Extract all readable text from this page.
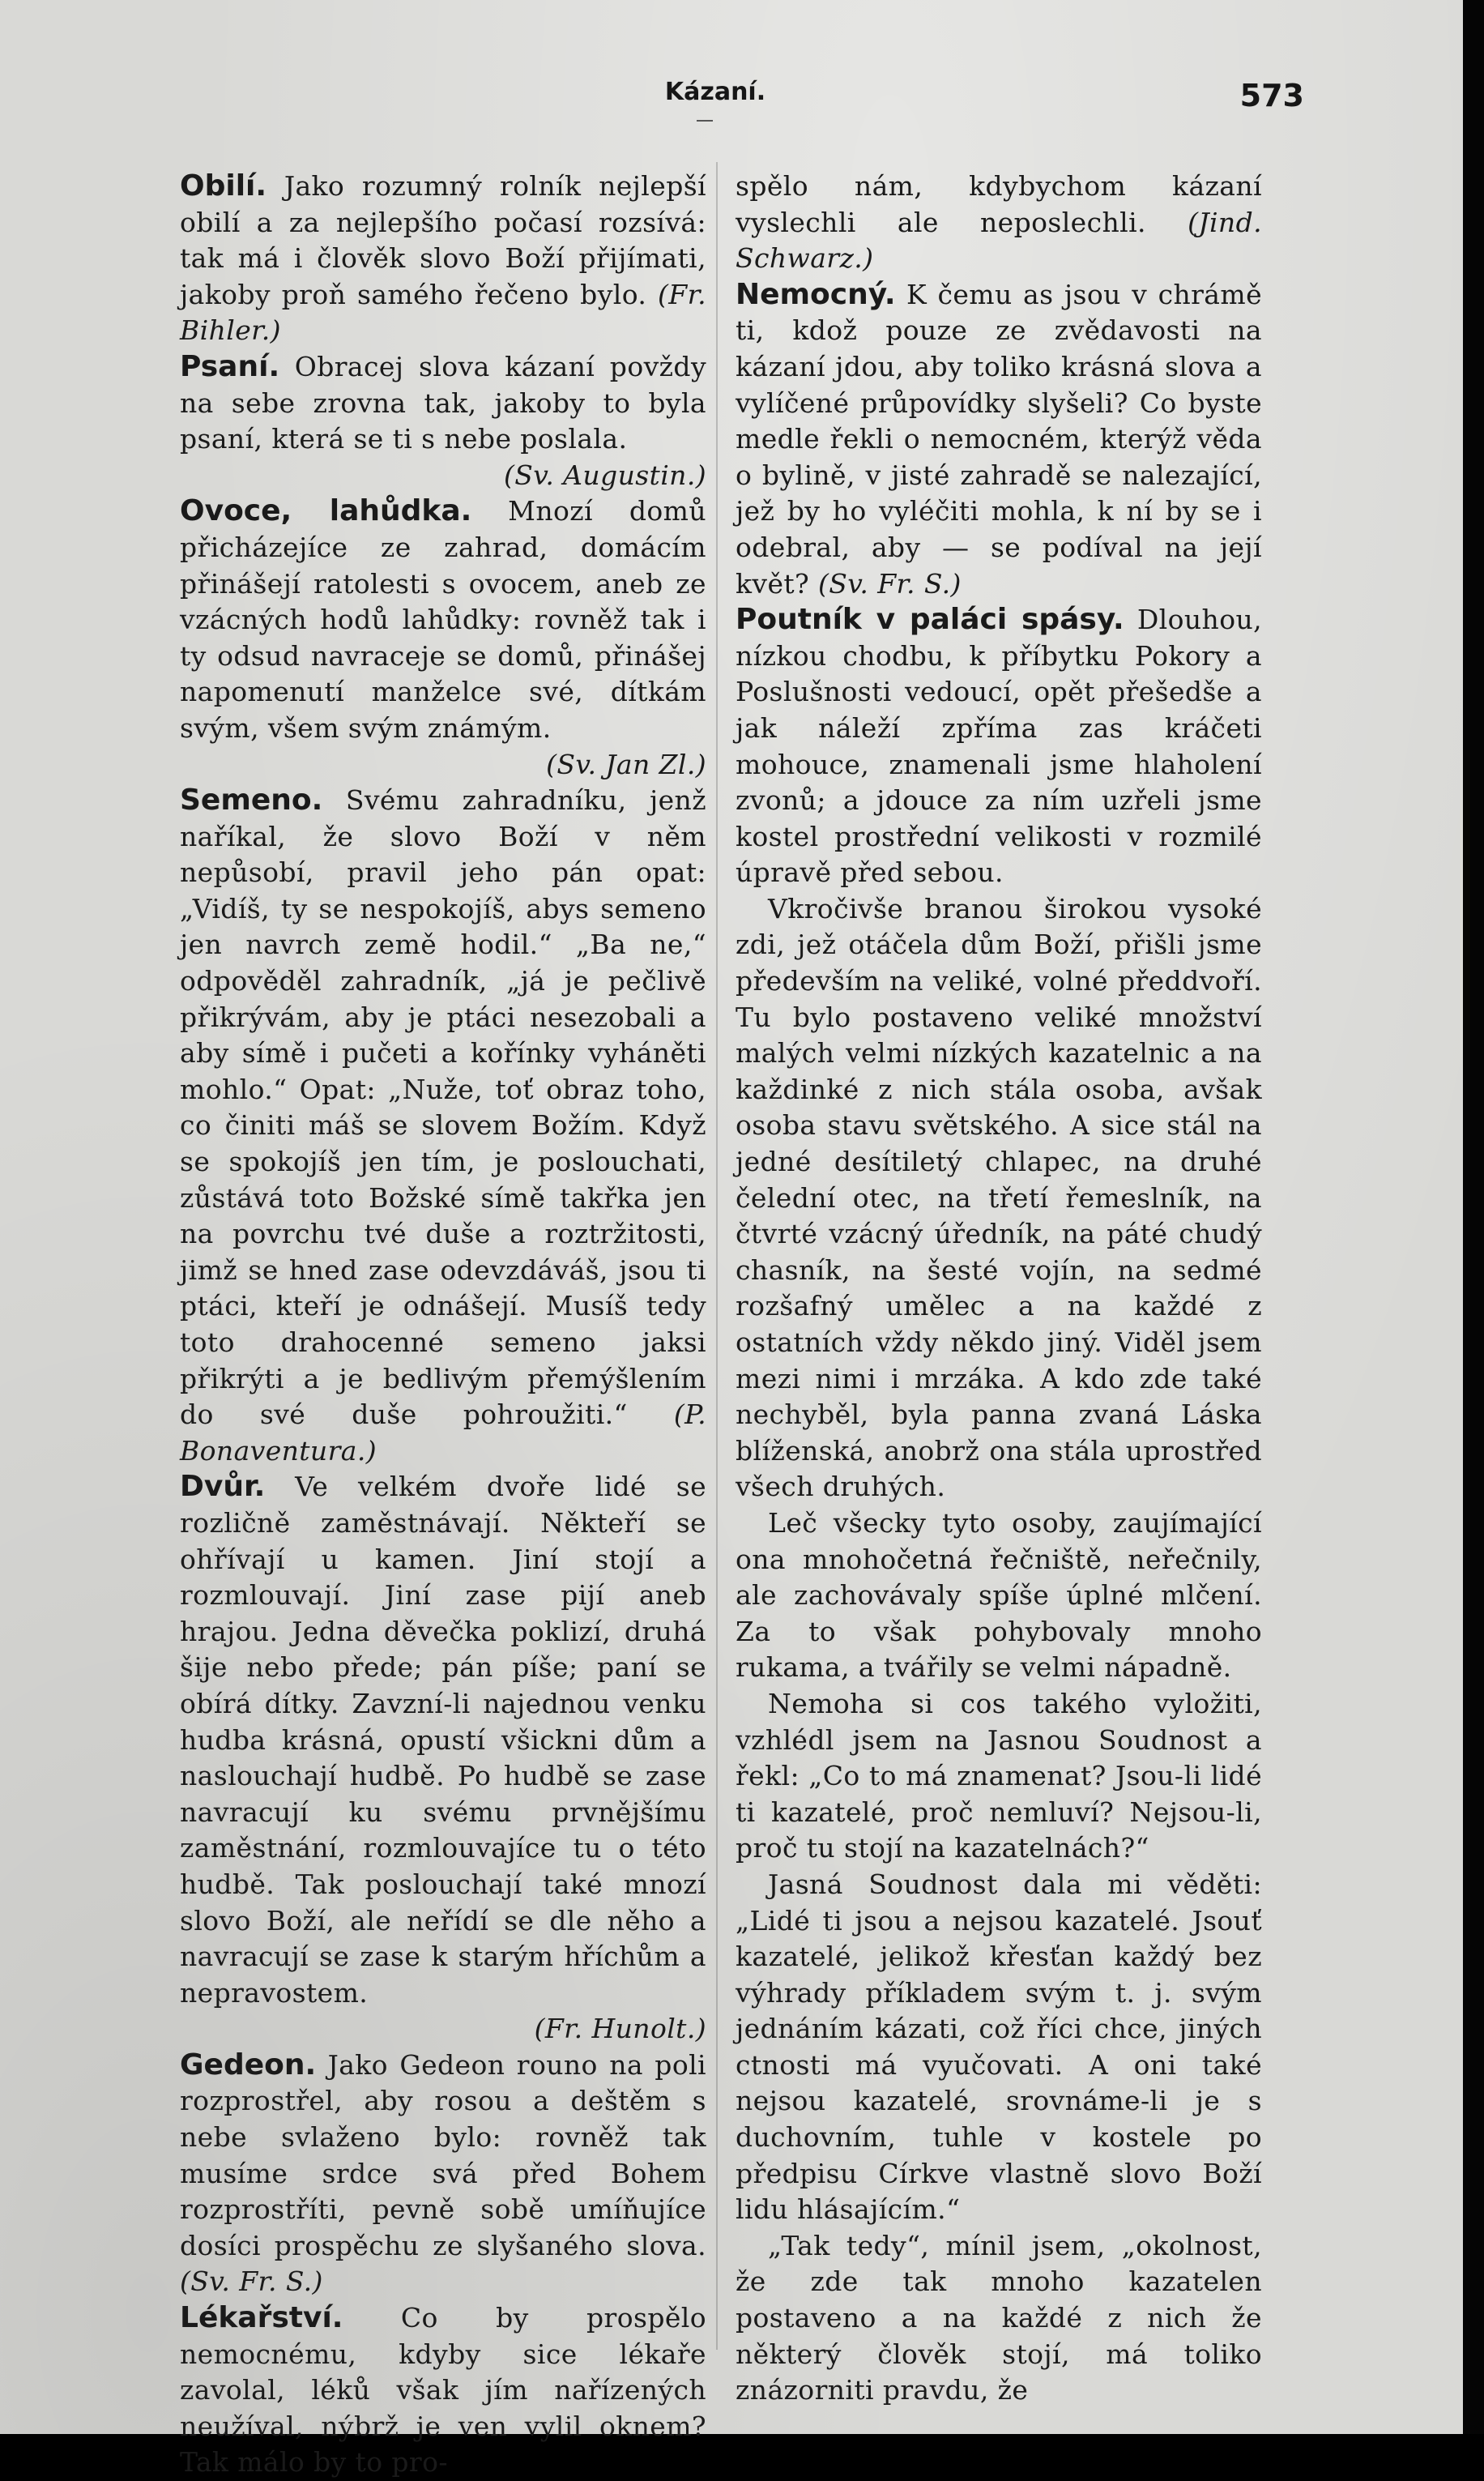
Kázaní.	573

Obilí. Jako rozumný rolník nejlepší obilí a za nejlepšího počasí rozsívá: tak má i člověk slovo Boží přijímati, jakoby proň samého řečeno bylo. (Fr. Bihler.)

Psaní. Obracej slova kázaní povždy na sebe zrovna tak, jakoby to byla psaní, která se ti s nebe poslala.
(Sv. Augustin.)

Ovoce, lahůdka. Mnozí domů přicházejíce ze zahrad, domácím přinášejí ratolesti s ovocem, aneb ze vzácných hodů lahůdky: rovněž tak i ty odsud navraceje se domů, přinášej napomenutí manželce své, dítkám svým, všem svým známým.
(Sv. Jan Zl.)

Semeno. Svému zahradníku, jenž naříkal, že slovo Boží v něm nepůsobí, pravil jeho pán opat: „Vidíš, ty se nespokojíš, abys semeno jen navrch země hodil.“ „Ba ne,“ odpověděl zahradník, „já je pečlivě přikrývám, aby je ptáci nesezobali a aby símě i pučeti a kořínky vyháněti mohlo.“ Opat: „Nuže, toť obraz toho, co činiti máš se slovem Božím. Když se spokojíš jen tím, je poslouchati, zůstává toto Božské símě takřka jen na povrchu tvé duše a roztržitosti, jimž se hned zase odevzdáváš, jsou ti ptáci, kteří je odnášejí. Musíš tedy toto drahocenné semeno jaksi přikrýti a je bedlivým přemýšlením do své duše pohroužiti.“ (P. Bonaventura.)

Dvůr. Ve velkém dvoře lidé se rozličně zaměstnávají. Někteří se ohřívají u kamen. Jiní stojí a rozmlouvají. Jiní zase pijí aneb hrajou. Jedna děvečka poklizí, druhá šije nebo přede; pán píše; paní se obírá dítky. Zavzní-li najednou venku hudba krásná, opustí všickni dům a naslouchají hudbě. Po hudbě se zase navracují ku svému prvnějšímu zaměstnání, rozmlouvajíce tu o této hudbě. Tak poslouchají také mnozí slovo Boží, ale neřídí se dle něho a navracují se zase k starým hříchům a nepravostem.
(Fr. Hunolt.)

Gedeon. Jako Gedeon rouno na poli rozprostřel, aby rosou a deštěm s nebe svlaženo bylo: rovněž tak musíme srdce svá před Bohem rozprostříti, pevně sobě umíňujíce dosíci prospěchu ze slyšaného slova. (Sv. Fr. S.)

Lékařství. Co by prospělo nemocnému, kdyby sice lékaře zavolal, léků však jím nařízených neužíval, nýbrž je ven vylil oknem? Tak málo by to pro-

spělo nám, kdybychom kázaní vyslechli ale neposlechli. (Jind. Schwarz.)

Nemocný. K čemu as jsou v chrámě ti, kdož pouze ze zvědavosti na kázaní jdou, aby toliko krásná slova a vylíčené průpovídky slyšeli? Co byste medle řekli o nemocném, kterýž věda o bylině, v jisté zahradě se nalezající, jež by ho vyléčiti mohla, k ní by se i odebral, aby — se podíval na její květ? (Sv. Fr. S.)

Poutník v paláci spásy. Dlouhou, nízkou chodbu, k příbytku Pokory a Poslušnosti vedoucí, opět přešedše a jak náleží zpříma zas kráčeti mohouce, znamenali jsme hlaholení zvonů; a jdouce za ním uzřeli jsme kostel prostřední velikosti v rozmilé úpravě před sebou.

Vkročivše branou širokou vysoké zdi, jež otáčela dům Boží, přišli jsme především na veliké, volné předdvoří. Tu bylo postaveno veliké množství malých velmi nízkých kazatelnic a na každinké z nich stála osoba, avšak osoba stavu světského. A sice stál na jedné desítiletý chlapec, na druhé čelední otec, na třetí řemeslník, na čtvrté vzácný úředník, na páté chudý chasník, na šesté vojín, na sedmé rozšafný umělec a na každé z ostatních vždy někdo jiný. Viděl jsem mezi nimi i mrzáka. A kdo zde také nechyběl, byla panna zvaná Láska blíženská, anobrž ona stála uprostřed všech druhých.

Leč všecky tyto osoby, zaujímající ona mnohočetná řečniště, neřečnily, ale zachovávaly spíše úplné mlčení. Za to však pohybovaly mnoho rukama, a tvářily se velmi nápadně.

Nemoha si cos takého vyložiti, vzhlédl jsem na Jasnou Soudnost a řekl: „Co to má znamenat? Jsou-li lidé ti kazatelé, proč nemluví? Nejsou-li, proč tu stojí na kazatelnách?“

Jasná Soudnost dala mi věděti: „Lidé ti jsou a nejsou kazatelé. Jsouť kazatelé, jelikož křesťan každý bez výhrady příkladem svým t. j. svým jednáním kázati, což říci chce, jiných ctnosti má vyučovati. A oni také nejsou kazatelé, srovnáme-li je s duchovním, tuhle v kostele po předpisu Církve vlastně slovo Boží lidu hlásajícím.“

„Tak tedy“, mínil jsem, „okolnost, že zde tak mnoho kazatelen postaveno a na každé z nich že některý člověk stojí, má toliko znázorniti pravdu, že
